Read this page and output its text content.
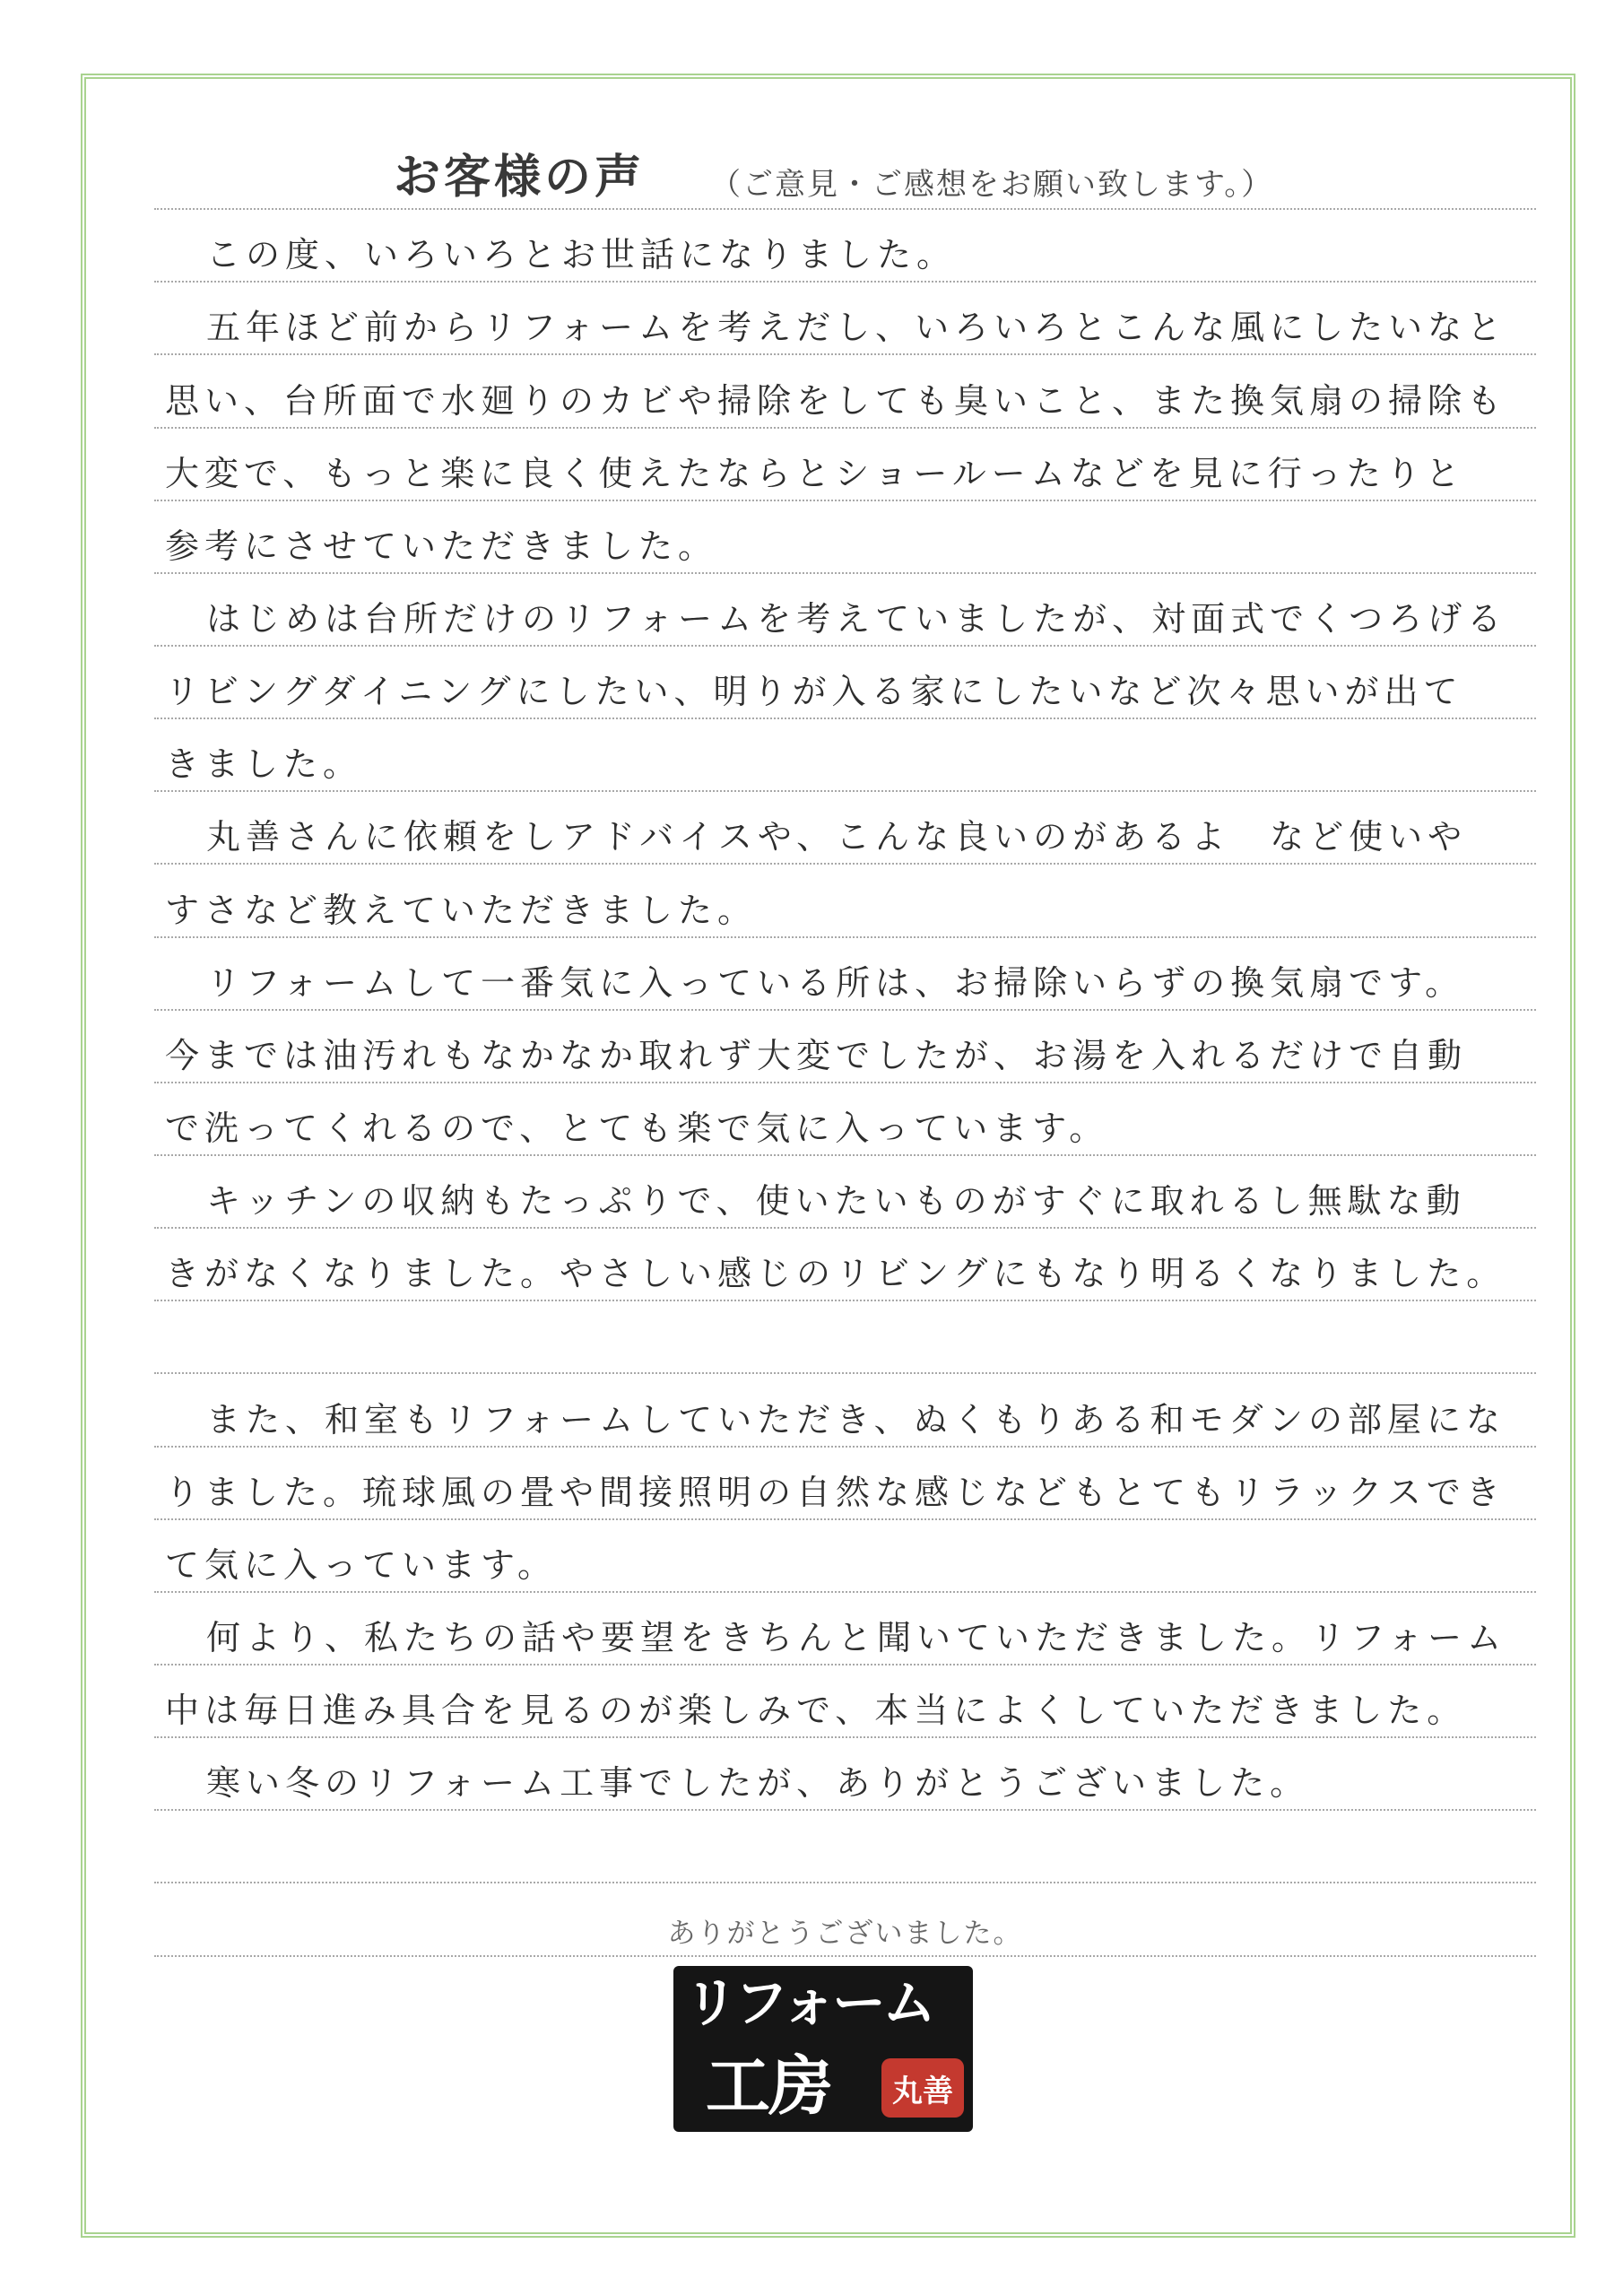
お客様の声 （ご意見・ご感想をお願い致します。）
この度、いろいろとお世話になりました。
五年ほど前からリフォームを考えだし、いろいろとこんな風にしたいなと
思い、台所面で水廻りのカビや掃除をしても臭いこと、また換気扇の掃除も
大変で、もっと楽に良く使えたならとショールームなどを見に行ったりと
参考にさせていただきました。
はじめは台所だけのリフォームを考えていましたが、対面式でくつろげる
リビングダイニングにしたい、明りが入る家にしたいなど次々思いが出て
きました。
丸善さんに依頼をしアドバイスや、こんな良いのがあるよ　など使いや
すさなど教えていただきました。
リフォームして一番気に入っている所は、お掃除いらずの換気扇です。
今までは油汚れもなかなか取れず大変でしたが、お湯を入れるだけで自動
で洗ってくれるので、とても楽で気に入っています。
キッチンの収納もたっぷりで、使いたいものがすぐに取れるし無駄な動
きがなくなりました。やさしい感じのリビングにもなり明るくなりました。
また、和室もリフォームしていただき、ぬくもりある和モダンの部屋にな
りました。琉球風の畳や間接照明の自然な感じなどもとてもリラックスでき
て気に入っています。
何より、私たちの話や要望をきちんと聞いていただきました。リフォーム
中は毎日進み具合を見るのが楽しみで、本当によくしていただきました。
寒い冬のリフォーム工事でしたが、ありがとうございました。
ありがとうございました。
リフォーム
工房 丸善
